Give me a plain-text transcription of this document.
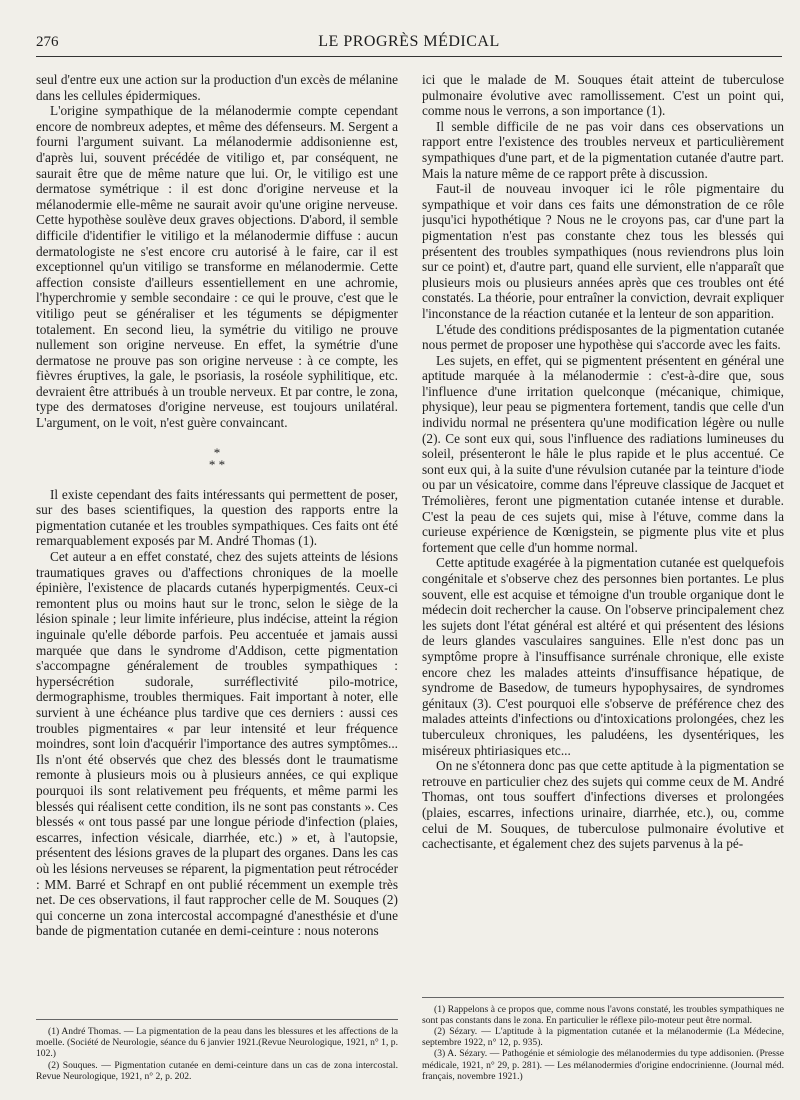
276	LE PROGRÈS MÉDICAL

seul d'entre eux une action sur la production d'un excès de mélanine dans les cellules épidermiques.

L'origine sympathique de la mélanodermie compte cependant encore de nombreux adeptes, et même des défenseurs. M. Sergent a fourni l'argument suivant. La mélanodermie addisonienne est, d'après lui, souvent précédée de vitiligo et, par conséquent, ne saurait être que de même nature que lui. Or, le vitiligo est une dermatose symétrique : il est donc d'origine nerveuse et la mélanodermie elle-même ne saurait avoir qu'une origine nerveuse. Cette hypothèse soulève deux graves objections. D'abord, il semble difficile d'identifier le vitiligo et la mélanodermie diffuse : aucun dermatologiste ne s'est encore cru autorisé à le faire, car il est exceptionnel qu'un vitiligo se transforme en mélanodermie. Cette affection consiste d'ailleurs essentiellement en une achromie, l'hyperchromie y semble secondaire : ce qui le prouve, c'est que le vitiligo peut se généraliser et les téguments se dépigmenter totalement. En second lieu, la symétrie du vitiligo ne prouve nullement son origine nerveuse. En effet, la symétrie d'une dermatose ne prouve pas son origine nerveuse : à ce compte, les fièvres éruptives, la gale, le psoriasis, la roséole syphilitique, etc. devraient être attribués à un trouble nerveux. Et par contre, le zona, type des dermatoses d'origine nerveuse, est toujours unilatéral. L'argument, on le voit, n'est guère convaincant.

*
* *

Il existe cependant des faits intéressants qui permettent de poser, sur des bases scientifiques, la question des rapports entre la pigmentation cutanée et les troubles sympathiques. Ces faits ont été remarquablement exposés par M. André Thomas (1).

Cet auteur a en effet constaté, chez des sujets atteints de lésions traumatiques graves ou d'affections chroniques de la moelle épinière, l'existence de placards cutanés hyperpigmentés. Ceux-ci remontent plus ou moins haut sur le tronc, selon le siège de la lésion spinale ; leur limite inférieure, plus indécise, atteint la région inguinale qu'elle déborde parfois. Peu accentuée et jamais aussi marquée que dans le syndrome d'Addison, cette pigmentation s'accompagne généralement de troubles sympathiques : hypersécrétion sudorale, surréflectivité pilo-motrice, dermographisme, troubles thermiques. Fait important à noter, elle survient à une échéance plus tardive que ces derniers : aussi ces troubles pigmentaires « par leur intensité et leur fréquence moindres, sont loin d'acquérir l'importance des autres symptômes... Ils n'ont été observés que chez des blessés dont le traumatisme remonte à plusieurs mois ou à plusieurs années, ce qui explique pourquoi ils sont relativement peu fréquents, et même parmi les blessés qui réalisent cette condition, ils ne sont pas constants ». Ces blessés « ont tous passé par une longue période d'infection (plaies, escarres, infection vésicale, diarrhée, etc.) » et, à l'autopsie, présentent des lésions graves de la plupart des organes. Dans les cas où les lésions nerveuses se réparent, la pigmentation peut rétrocéder : MM. Barré et Schrapf en ont publié récemment un exemple très net. De ces observations, il faut rapprocher celle de M. Souques (2) qui concerne un zona intercostal accompagné d'anesthésie et d'une bande de pigmentation cutanée en demi-ceinture : nous noterons

(1) André Thomas. — La pigmentation de la peau dans les blessures et les affections de la moelle. (Société de Neurologie, séance du 6 janvier 1921.(Revue Neurologique, 1921, n° 1, p. 102.)

(2) Souques. — Pigmentation cutanée en demi-ceinture dans un cas de zona intercostal. Revue Neurologique, 1921, n° 2, p. 202.

ici que le malade de M. Souques était atteint de tuberculose pulmonaire évolutive avec ramollissement. C'est un point qui, comme nous le verrons, a son importance (1).

Il semble difficile de ne pas voir dans ces observations un rapport entre l'existence des troubles nerveux et particulièrement sympathiques d'une part, et de la pigmentation cutanée d'autre part. Mais la nature même de ce rapport prête à discussion.

Faut-il de nouveau invoquer ici le rôle pigmentaire du sympathique et voir dans ces faits une démonstration de ce rôle jusqu'ici hypothétique ? Nous ne le croyons pas, car d'une part la pigmentation n'est pas constante chez tous les blessés qui présentent des troubles sympathiques (nous reviendrons plus loin sur ce point) et, d'autre part, quand elle survient, elle n'apparaît que plusieurs mois ou plusieurs années après que ces troubles ont été constatés. La théorie, pour entraîner la conviction, devrait expliquer l'inconstance de la réaction cutanée et la lenteur de son apparition.

L'étude des conditions prédisposantes de la pigmentation cutanée nous permet de proposer une hypothèse qui s'accorde avec les faits.

Les sujets, en effet, qui se pigmentent présentent en général une aptitude marquée à la mélanodermie : c'est-à-dire que, sous l'influence d'une irritation quelconque (mécanique, chimique, physique), leur peau se pigmentera fortement, tandis que celle d'un individu normal ne présentera qu'une modification légère ou nulle (2). Ce sont eux qui, sous l'influence des radiations lumineuses du soleil, présenteront le hâle le plus rapide et le plus accentué. Ce sont eux qui, à la suite d'une révulsion cutanée par la teinture d'iode ou par un vésicatoire, comme dans l'épreuve classique de Jacquet et Trémolières, feront une pigmentation cutanée intense et durable. C'est la peau de ces sujets qui, mise à l'étuve, comme dans la curieuse expérience de Kœnigstein, se pigmente plus vite et plus fortement que celle d'un homme normal.

Cette aptitude exagérée à la pigmentation cutanée est quelquefois congénitale et s'observe chez des personnes bien portantes. Le plus souvent, elle est acquise et témoigne d'un trouble organique dont le médecin doit rechercher la cause. On l'observe principalement chez les sujets dont l'état général est altéré et qui présentent des lésions de leurs glandes vasculaires sanguines. Elle n'est donc pas un symptôme propre à l'insuffisance surrénale chronique, elle existe encore chez les malades atteints d'insuffisance hépatique, de syndrome de Basedow, de tumeurs hypophysaires, de syndromes génitaux (3). C'est pourquoi elle s'observe de préférence chez des malades atteints d'infections ou d'intoxications prolongées, chez les tuberculeux chroniques, les paludéens, les dysentériques, les miséreux phtiriasiques etc...

On ne s'étonnera donc pas que cette aptitude à la pigmentation se retrouve en particulier chez des sujets qui comme ceux de M. André Thomas, ont tous souffert d'infections diverses et prolongées (plaies, escarres, infections urinaire, diarrhée, etc.), ou, comme celui de M. Souques, de tuberculose pulmonaire évolutive et cachectisante, et également chez des sujets parvenus à la pé-

(1) Rappelons à ce propos que, comme nous l'avons constaté, les troubles sympathiques ne sont pas constants dans le zona. En particulier le réflexe pilo-moteur peut être normal.

(2) Sézary. — L'aptitude à la pigmentation cutanée et la mélanodermie (La Médecine, septembre 1922, n° 12, p. 935).

(3) A. Sézary. — Pathogénie et sémiologie des mélanodermies du type addisonien. (Presse médicale, 1921, n° 29, p. 281). — Les mélanodermies d'origine endocrinienne. (Journal méd. français, novembre 1921.)
